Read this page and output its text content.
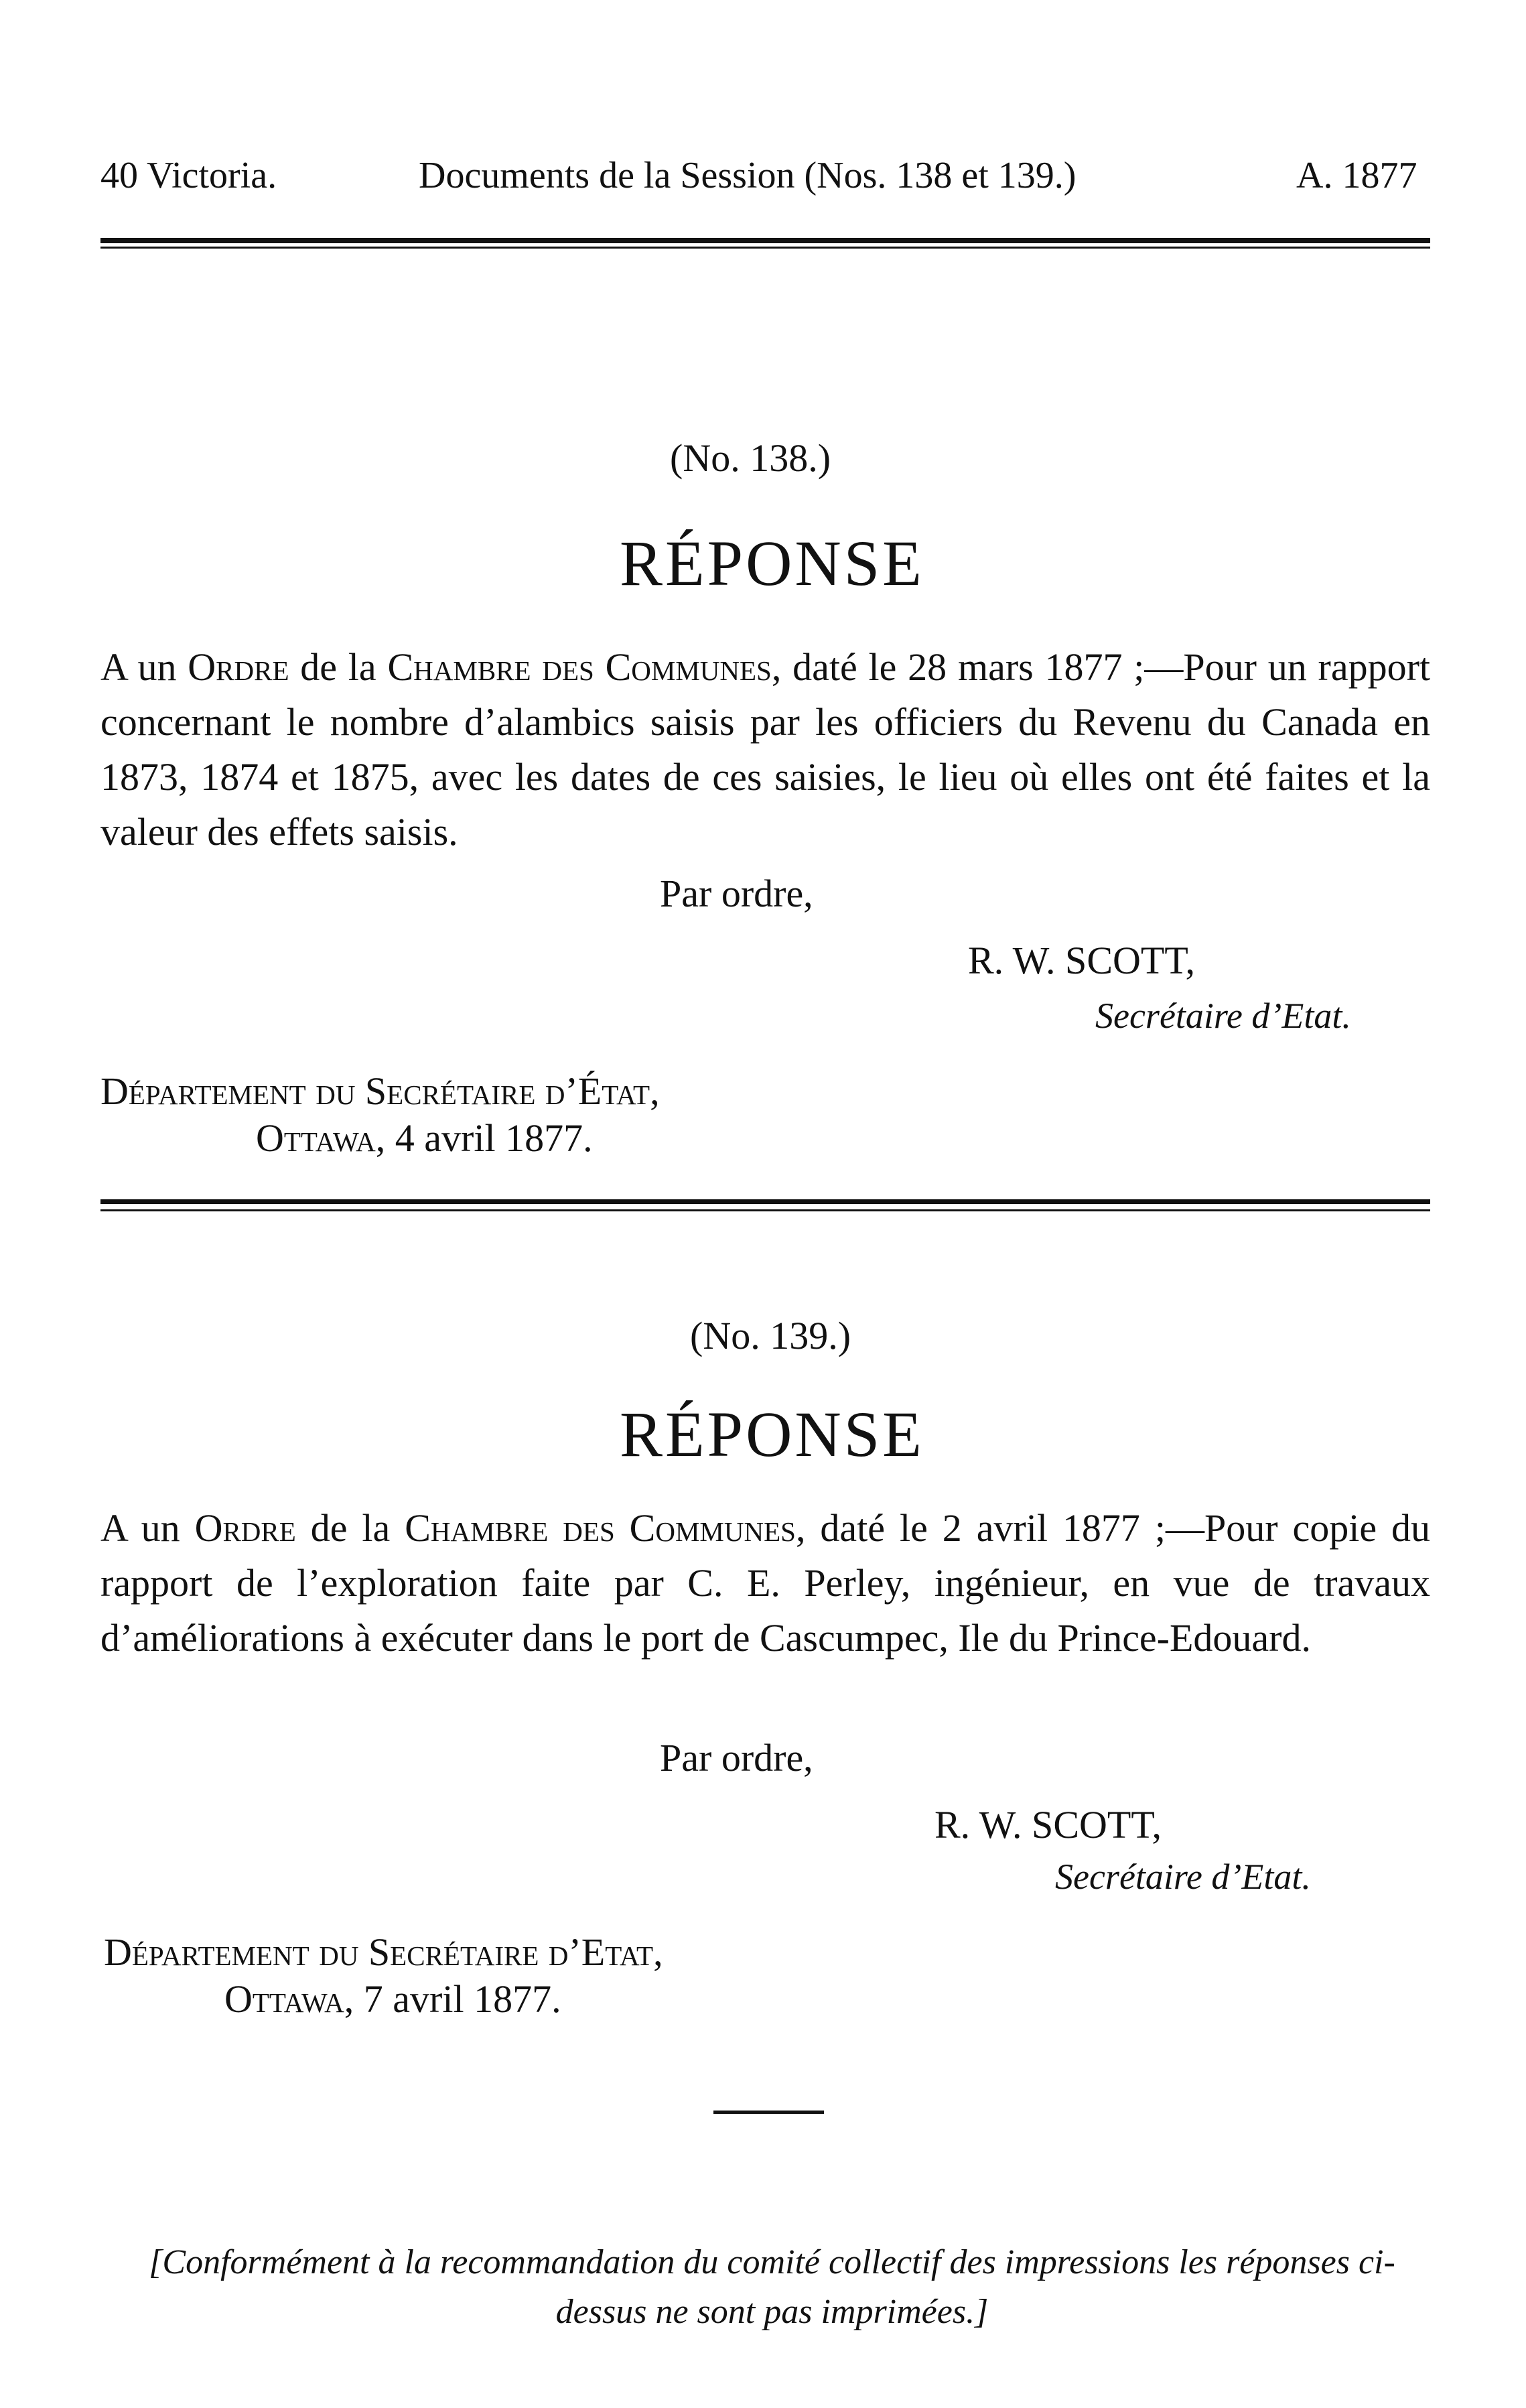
40 Victoria.	Documents de la Session (Nos. 138 et 139.)	A. 1877
(No. 138.)
RÉPONSE
A un Ordre de la Chambre des Communes, daté le 28 mars 1877 ;—Pour un rapport concernant le nombre d’alambics saisis par les officiers du Revenu du Canada en 1873, 1874 et 1875, avec les dates de ces saisies, le lieu où elles ont été faites et la valeur des effets saisis.
Par ordre,
R. W. SCOTT,
Secrétaire d’Etat.
Département du Secrétaire d’État,
Ottawa, 4 avril 1877.
(No. 139.)
RÉPONSE
A un Ordre de la Chambre des Communes, daté le 2 avril 1877 ;—Pour copie du rapport de l’exploration faite par C. E. Perley, ingénieur, en vue de travaux d’améliorations à exécuter dans le port de Cascumpec, Ile du Prince-Edouard.
Par ordre,
R. W. SCOTT,
Secrétaire d’Etat.
Département du Secrétaire d’Etat,
Ottawa, 7 avril 1877.
[Conformément à la recommandation du comité collectif des impressions les réponses ci-dessus ne sont pas imprimées.]
